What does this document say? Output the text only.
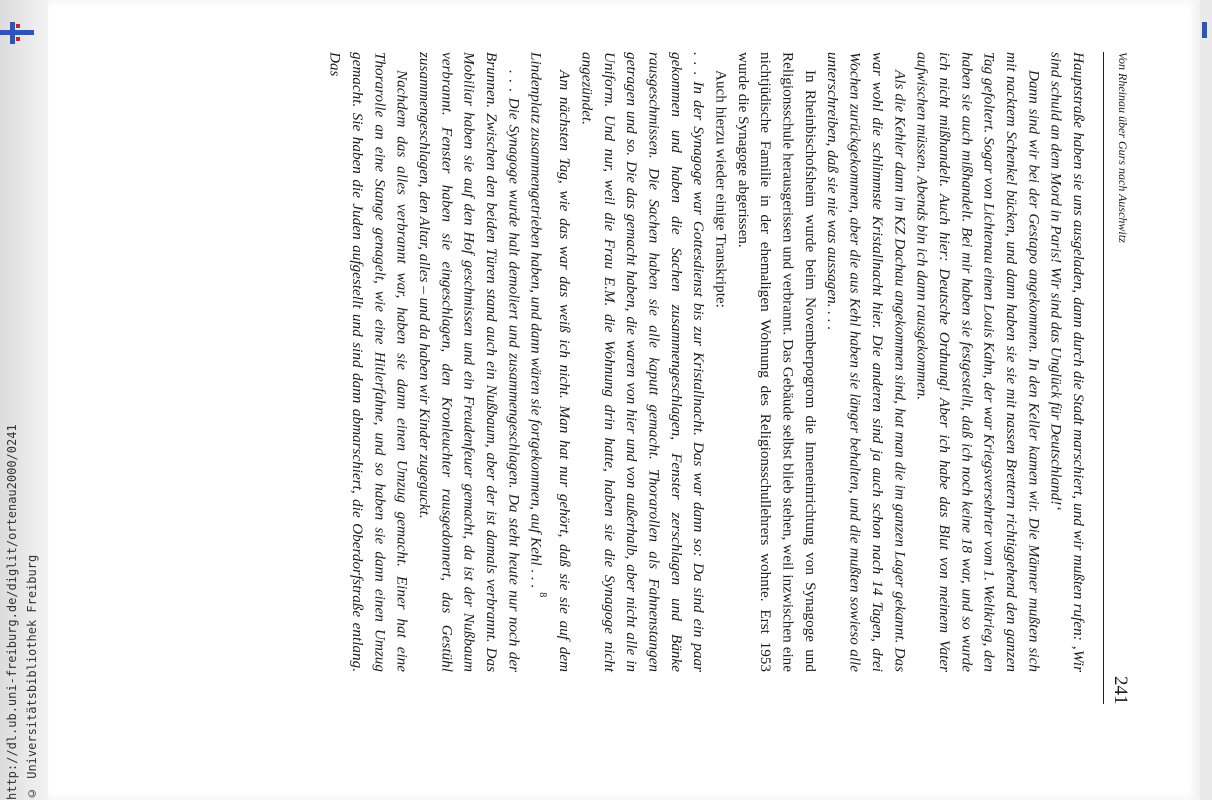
http://dl.ub.uni-freiburg.de/diglit/ortenau2000/0241 © Universitätsbibliothek Freiburg
Von Rheinau über Gurs nach Auschwitz
241

Hauptstraße haben sie uns ausgeladen, dann durch die Stadt marschiert, und wir mußten rufen: ‚Wir sind schuld an dem Mord in Paris! Wir sind das Unglück für Deutschland!‘

Dann sind wir bei der Gestapo angekommen. In den Keller kamen wir. Die Männer mußten sich mit nacktem Schenkel bücken, und dann haben sie sie mit nassen Brettern richtiggehend den ganzen Tag gefoltert. Sogar von Lichtenau einen Louis Kahn, der war Kriegsversehrter vom 1. Weltkrieg, den haben sie auch mißhandelt. Bei mir haben sie festgestellt, daß ich noch keine 18 war, und so wurde ich nicht mißhandelt. Auch hier: Deutsche Ordnung! Aber ich habe das Blut von meinem Vater aufwischen müssen. Abends bin ich dann rausgekommen.

Als die Kehler dann im KZ Dachau angekommen sind, hat man die im ganzen Lager gekannt. Das war wohl die schlimmste Kristallnacht hier. Die anderen sind ja auch schon nach 14 Tagen, drei Wochen zurückgekommen, aber die aus Kehl haben sie länger behalten, und die mußten sowieso alle unterschreiben, daß sie nie was aussagen. . . .

In Rheinbischofsheim wurde beim Novemberpogrom die Inneneinrichtung von Synagoge und Religionsschule herausgerissen und verbrannt. Das Gebäude selbst blieb stehen, weil inzwischen eine nichtjüdische Familie in der ehemaligen Wohnung des Religionsschullehrers wohnte. Erst 1953 wurde die Synagoge abgerissen.

Auch hierzu wieder einige Transkripte:

. . . In der Synagoge war Gottesdienst bis zur Kristallnacht. Das war dann so: Da sind ein paar gekommen und haben die Sachen zusammengeschlagen, Fenster zerschlagen und Bänke rausgeschmissen. Die Sachen haben sie alle kaputt gemacht. Thorarollen als Fahnenstangen getragen und so. Die das gemacht haben, die waren von hier und von außerhalb, aber nicht alle in Uniform. Und nur, weil die Frau E.M. die Wohnung drin hatte, haben sie die Synagoge nicht angezündet.

Am nächsten Tag, wie das war das weiß ich nicht. Man hat nur gehört, daß sie sie auf dem Lindenplatz zusammengetrieben haben, und dann wären sie fortgekommen, auf Kehl . . . $^8$

. . . Die Synagoge wurde halt demoliert und zusammengeschlagen. Da steht heute nur noch der Brunnen. Zwischen den beiden Türen stand auch ein Nußbaum, aber der ist damals verbrannt. Das Mobiliar haben sie auf den Hof geschmissen und ein Freudenfeuer gemacht, da ist der Nußbaum verbrannt. Fenster haben sie eingeschlagen, den Kronleuchter rausgedonnert, das Gestühl zusammengeschlagen, den Altar, alles – und da haben wir Kinder zugeguckt.

Nachdem das alles verbrannt war, haben sie dann einen Umzug gemacht. Einer hat eine Thorarolle an eine Stange genagelt, wie eine Hitlerfahne, und so haben sie dann einen Umzug gemacht. Sie haben die Juden aufgestellt und sind dann abmarschiert, die Oberdorfstraße entlang. Das
